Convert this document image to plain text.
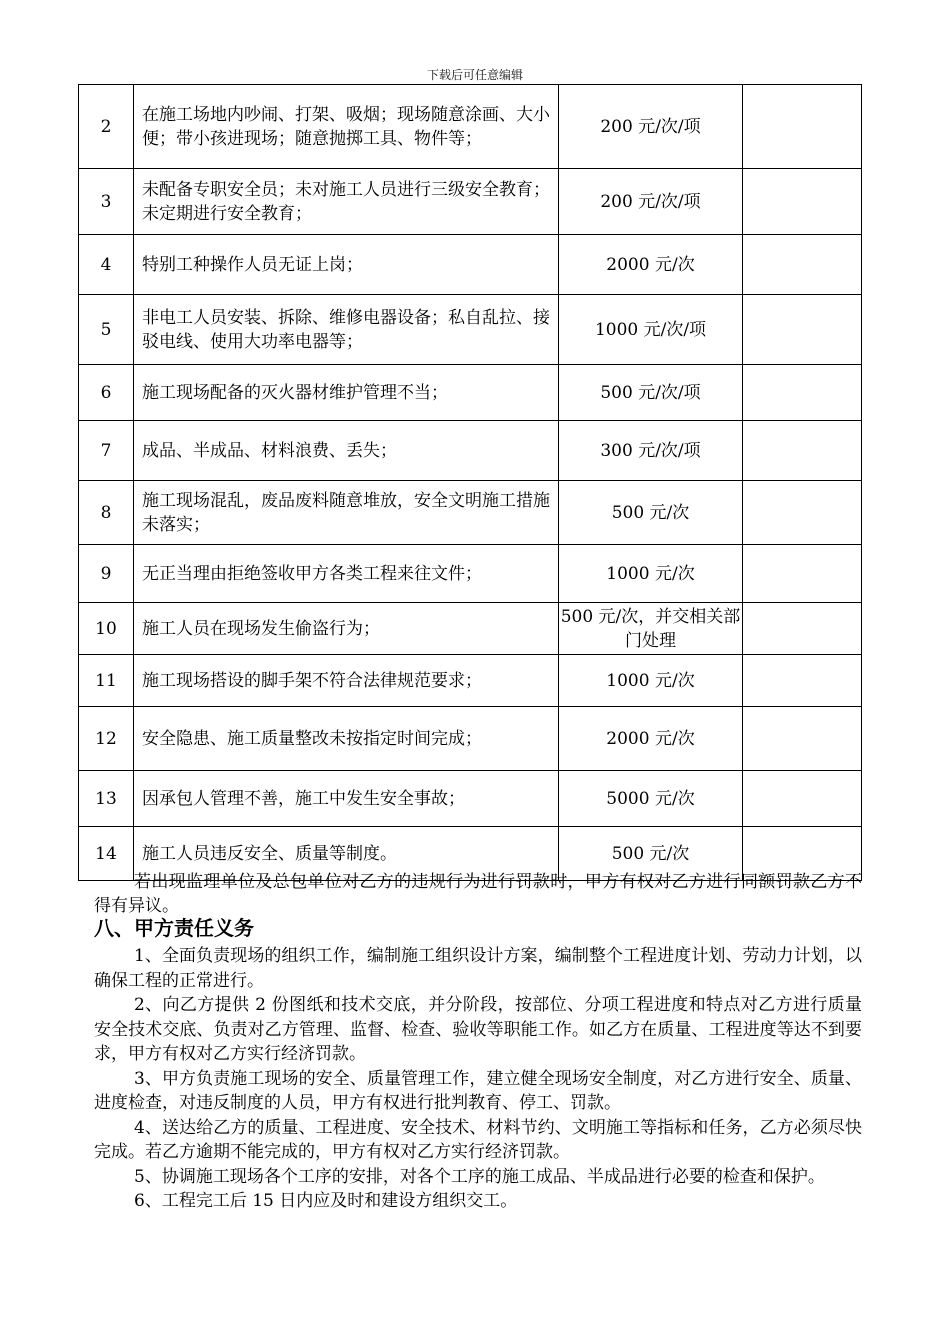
下载后可任意编辑
2	在施工场地内吵闹、打架、吸烟；现场随意涂画、大小便；带小孩进现场；随意抛掷工具、物件等；	200 元/次/项	
3	未配备专职安全员；未对施工人员进行三级安全教育；未定期进行安全教育；	200 元/次/项	
4	特别工种操作人员无证上岗；	2000 元/次	
5	非电工人员安装、拆除、维修电器设备；私自乱拉、接驳电线、使用大功率电器等；	1000 元/次/项	
6	施工现场配备的灭火器材维护管理不当；	500 元/次/项	
7	成品、半成品、材料浪费、丢失；	300 元/次/项	
8	施工现场混乱，废品废料随意堆放，安全文明施工措施未落实；	500 元/次	
9	无正当理由拒绝签收甲方各类工程来往文件；	1000 元/次	
10	施工人员在现场发生偷盗行为；	500 元/次，并交相关部门处理	
11	施工现场搭设的脚手架不符合法律规范要求；	1000 元/次	
12	安全隐患、施工质量整改未按指定时间完成；	2000 元/次	
13	因承包人管理不善，施工中发生安全事故；	5000 元/次	
14	施工人员违反安全、质量等制度。	500 元/次	

若出现监理单位及总包单位对乙方的违规行为进行罚款时，甲方有权对乙方进行同额罚款乙方不得有异议。

八、甲方责任义务

1、全面负责现场的组织工作，编制施工组织设计方案，编制整个工程进度计划、劳动力计划，以确保工程的正常进行。

2、向乙方提供 2 份图纸和技术交底，并分阶段，按部位、分项工程进度和特点对乙方进行质量安全技术交底、负责对乙方管理、监督、检查、验收等职能工作。如乙方在质量、工程进度等达不到要求，甲方有权对乙方实行经济罚款。

3、甲方负责施工现场的安全、质量管理工作，建立健全现场安全制度，对乙方进行安全、质量、进度检查，对违反制度的人员，甲方有权进行批判教育、停工、罚款。

4、送达给乙方的质量、工程进度、安全技术、材料节约、文明施工等指标和任务，乙方必须尽快完成。若乙方逾期不能完成的，甲方有权对乙方实行经济罚款。

5、协调施工现场各个工序的安排，对各个工序的施工成品、半成品进行必要的检查和保护。

6、工程完工后 15 日内应及时和建设方组织交工。
